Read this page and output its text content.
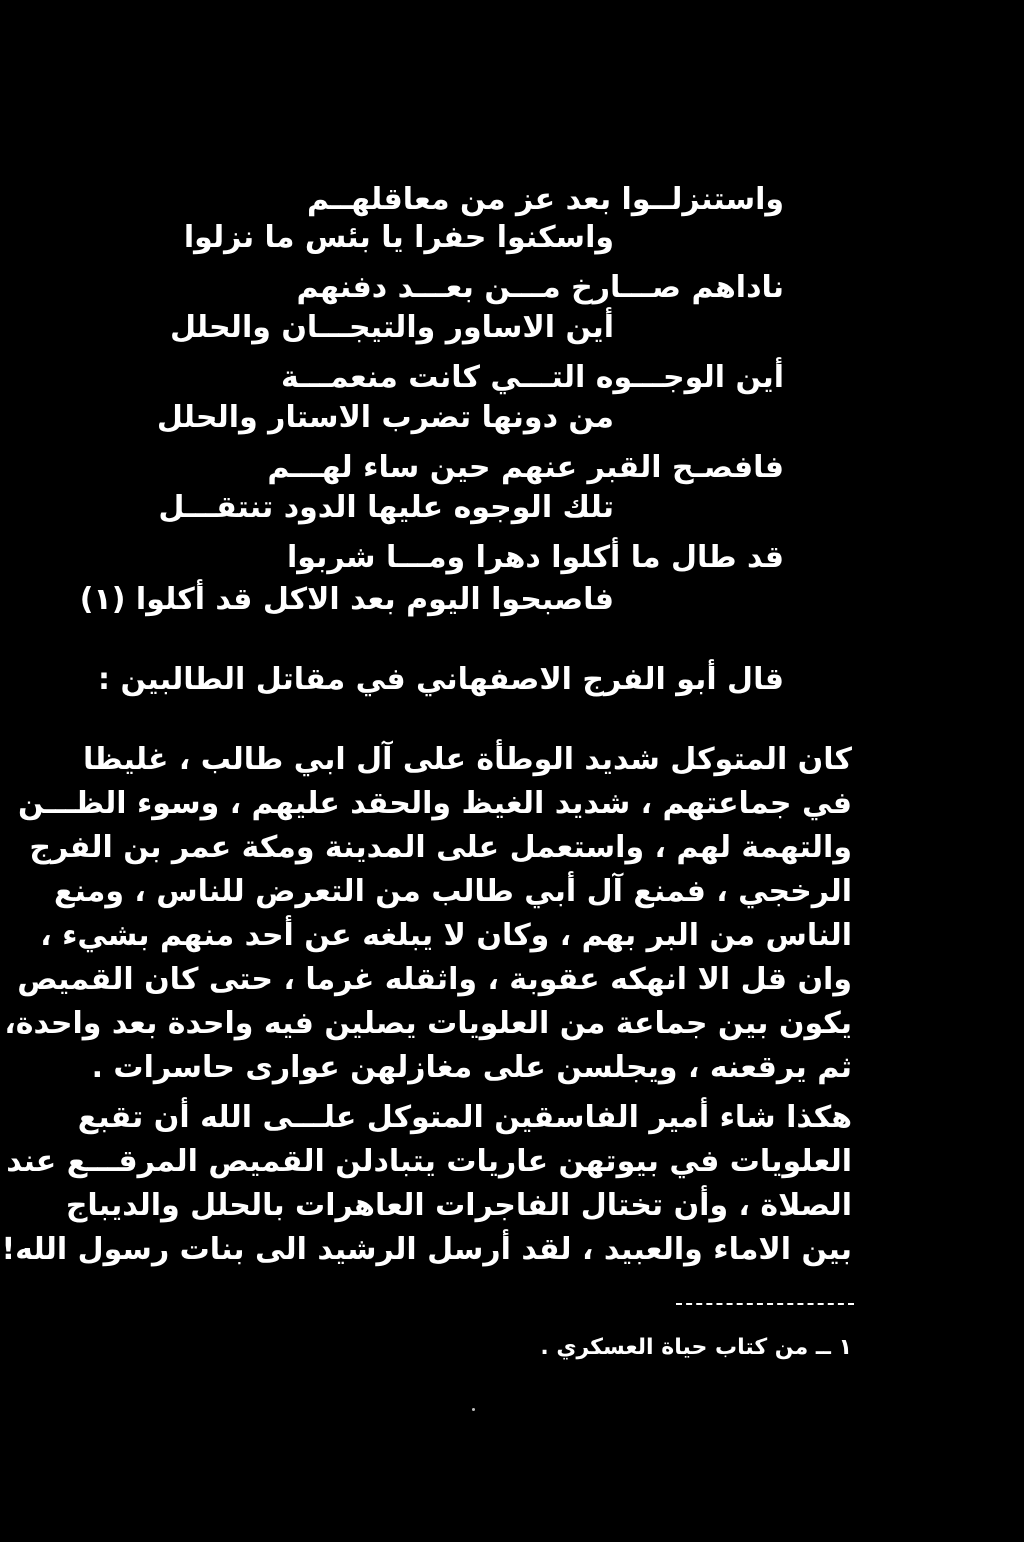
واستنزلــوا بعد عز من معاقلهــم
واسكنوا حفرا يا بئس ما نزلوا
ناداهم صـــارخ مـــن بعـــد دفنهم
أين الاساور والتيجـــان والحلل
أين الوجـــوه التـــي كانت منعمـــة
من دونها تضرب الاستار والحلل
فافصـح القبر عنهم حين ساء لهـــم
تلك الوجوه عليها الدود تنتقـــل
قد طال ما أكلوا دهرا ومـــا شربوا
فاصبحوا اليوم بعد الاكل قد أكلوا (١)
قال أبو الفرج الاصفهاني في مقاتل الطالبين :
كان المتوكل شديد الوطأة على آل ابي طالب ، غليظا
في جماعتهم ، شديد الغيظ والحقد عليهم ، وسوء الظـــن
والتهمة لهم ، واستعمل على المدينة ومكة عمر بن الفرج
الرخجي ، فمنع آل أبي طالب من التعرض للناس ، ومنع
الناس من البر بهم ، وكان لا يبلغه عن أحد منهم بشيء ،
وان قل الا انهكه عقوبة ، واثقله غرما ، حتى كان القميص
يكون بين جماعة من العلويات يصلين فيه واحدة بعد واحدة،
ثم يرقعنه ، ويجلسن على مغازلهن عوارى حاسرات .
هكذا شاء أمير الفاسقين المتوكل علـــى الله أن تقبع
العلويات في بيوتهن عاريات يتبادلن القميص المرقـــع عند
الصلاة ، وأن تختال الفاجرات العاهرات بالحلل والديباج
بين الاماء والعبيد ، لقد أرسل الرشيد الى بنات رسول الله!
١ ــ من كتاب حياة العسكري .
